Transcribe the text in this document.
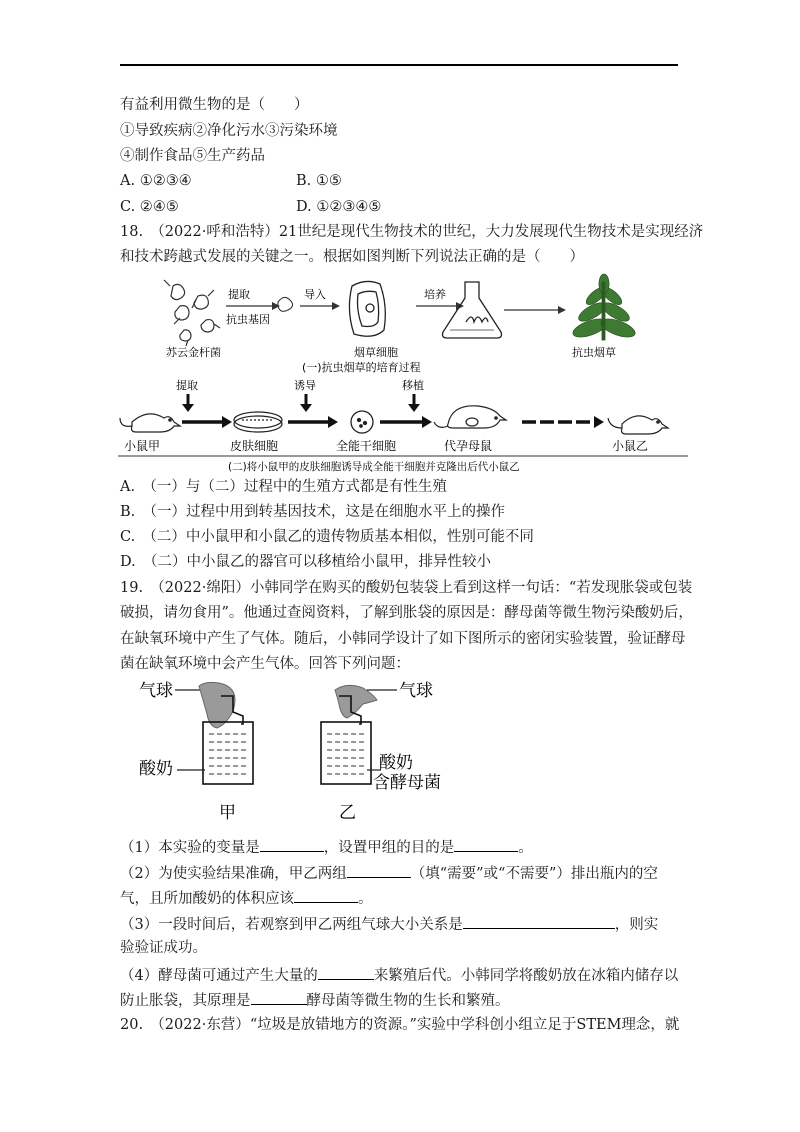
有益利用微生物的是（　　）
①导致疾病②净化污水③污染环境
④制作食品⑤生产药品
A. ①②③④	B. ①⑤
C. ②④⑤	D. ①②③④⑤
18.　（2022·呼和浩特）21世纪是现代生物技术的世纪，大力发展现代生物技术是实现经济
和技术跨越式发展的关键之一。根据如图判断下列说法正确的是（　　）
苏云金杆菌
提取
抗虫基因
导入
烟草细胞
培养
抗虫烟草
(一)抗虫烟草的培育过程
提取	诱导	移植
小鼠甲	皮肤细胞	全能干细胞	代孕母鼠	小鼠乙
(二)将小鼠甲的皮肤细胞诱导成全能干细胞并克隆出后代小鼠乙
A.　（一）与（二）过程中的生殖方式都是有性生殖
B.　（一）过程中用到转基因技术，这是在细胞水平上的操作
C.　（二）中小鼠甲和小鼠乙的遗传物质基本相似，性别可能不同
D.　（二）中小鼠乙的器官可以移植给小鼠甲，排异性较小
19.　（2022·绵阳）小韩同学在购买的酸奶包装袋上看到这样一句话：“若发现胀袋或包装
破损，请勿食用”。他通过查阅资料，了解到胀袋的原因是：酵母菌等微生物污染酸奶后，
在缺氧环境中产生了气体。随后，小韩同学设计了如下图所示的密闭实验装置，验证酵母
菌在缺氧环境中会产生气体。回答下列问题：
气球
酸奶
甲
气球
酸奶
含酵母菌
乙
（1）本实验的变量是	，设置甲组的目的是	。
（2）为使实验结果准确，甲乙两组	（填“需要”或“不需要”）排出瓶内的空
气，且所加酸奶的体积应该	。
（3）一段时间后，若观察到甲乙两组气球大小关系是	，则实
验验证成功。
（4）酵母菌可通过产生大量的	来繁殖后代。小韩同学将酸奶放在冰箱内储存以
防止胀袋，其原理是	酵母菌等微生物的生长和繁殖。
20.　（2022·东营）“垃圾是放错地方的资源。”实验中学科创小组立足于STEM理念，就
